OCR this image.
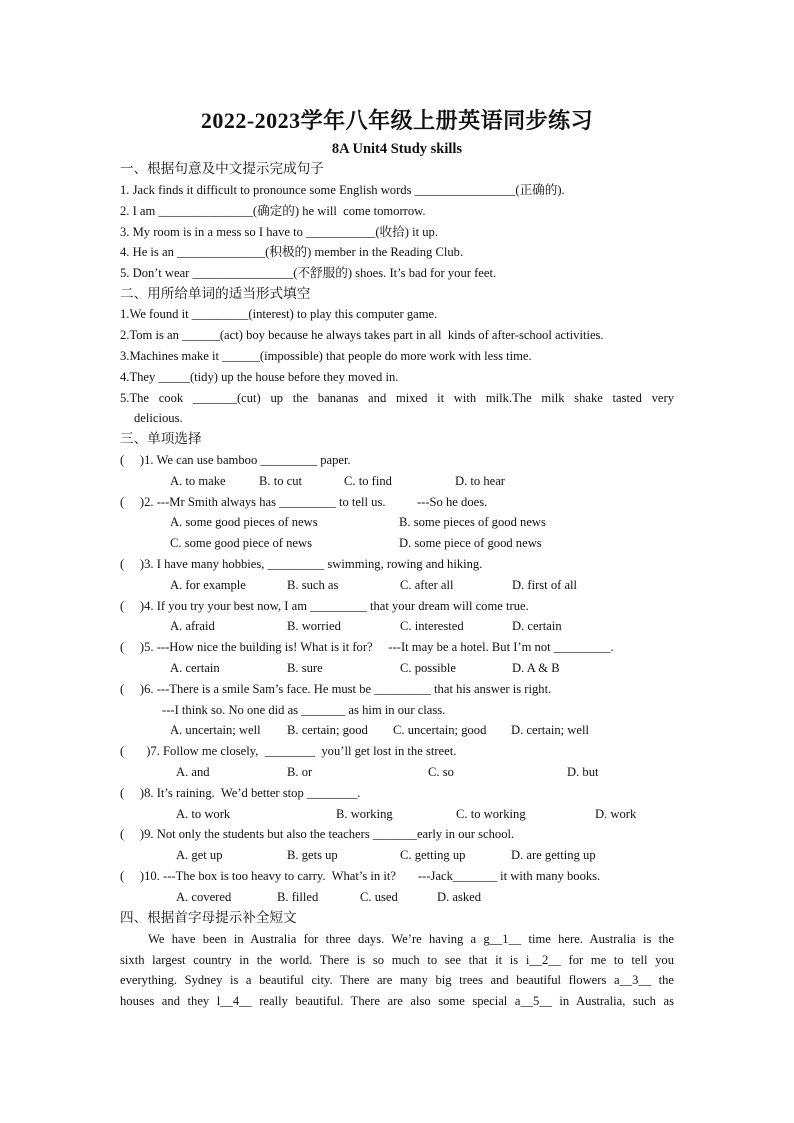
2022-2023学年八年级上册英语同步练习
8A Unit4 Study skills
一、根据句意及中文提示完成句子
1. Jack finds it difficult to pronounce some English words ________________(正确的).
2. I am _______________(确定的) he will  come tomorrow.
3. My room is in a mess so I have to ___________(收拾) it up.
4. He is an ______________(积极的) member in the Reading Club.
5. Don’t wear ________________(不舒服的) shoes. It’s bad for your feet.
二、用所给单词的适当形式填空
1.We found it _________(interest) to play this computer game.
2.Tom is an ______(act) boy because he always takes part in all  kinds of after-school activities.
3.Machines make it ______(impossible) that people do more work with less time.
4.They _____(tidy) up the house before they moved in.
5.The cook _______(cut) up the bananas and mixed it with milk.The milk shake tasted very
delicious.
三、单项选择
(     )1. We can use bamboo _________ paper.
A. to make	B. to cut	C. to find	D. to hear
(     )2. ---Mr Smith always has _________ to tell us.          ---So he does.
A. some good pieces of news	B. some pieces of good news
C. some good piece of news	D. some piece of good news
(     )3. I have many hobbies, _________ swimming, rowing and hiking.
A. for example	B. such as	C. after all	D. first of all
(     )4. If you try your best now, I am _________ that your dream will come true.
A. afraid	B. worried	C. interested	D. certain
(     )5. ---How nice the building is! What is it for?     ---It may be a hotel. But I’m not _________.
A. certain	B. sure	C. possible	D. A & B
(     )6. ---There is a smile Sam’s face. He must be _________ that his answer is right.
---I think so. No one did as _______ as him in our class.
A. uncertain; well B. certain; good C. uncertain; good D. certain; well
(       )7. Follow me closely,  ________  you’ll get lost in the street.
A. and	B. or	C. so	D. but
(     )8. It’s raining.  We’d better stop ________.
A. to work	B. working	C. to working	D. work
(     )9. Not only the students but also the teachers _______early in our school.
A. get up	B. gets up	C. getting up	D. are getting up
(     )10. ---The box is too heavy to carry.  What’s in it?       ---Jack_______ it with many books.
A. covered	B. filled	C. used	D. asked
四、根据首字母提示补全短文
We have been in Australia for three days. We’re having a g__1__ time here. Australia is the
sixth largest country in the world. There is so much to see that it is i__2__ for me to tell you
everything. Sydney is a beautiful city. There are many big trees and beautiful flowers a__3__ the
houses and they l__4__ really beautiful. There are also some special a__5__ in Australia, such as
